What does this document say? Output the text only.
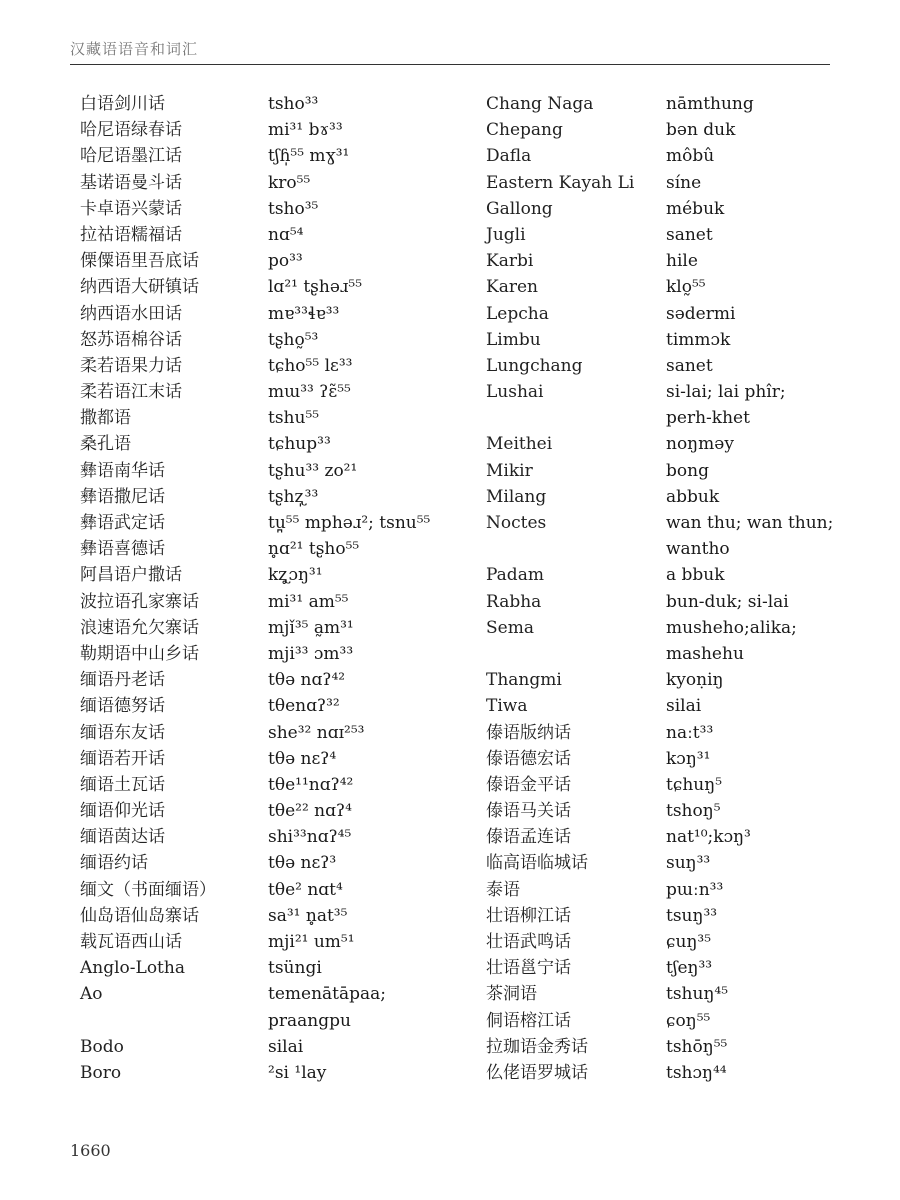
汉藏语语音和词汇
白语剑川话
哈尼语绿春话
哈尼语墨江话
基诺语曼斗话
卡卓语兴蒙话
拉祜语糯福话
傈僳语里吾底话
纳西语大研镇话
纳西语水田话
怒苏语棉谷话
柔若语果力话
柔若语江末话
撒都语
桑孔语
彝语南华话
彝语撒尼话
彝语武定话
彝语喜德话
阿昌语户撒话
波拉语孔家寨话
浪速语允欠寨话
勒期语中山乡话
缅语丹老话
缅语德努话
缅语东友话
缅语若开话
缅语土瓦话
缅语仰光话
缅语茵达话
缅语约话
缅文（书面缅语）
仙岛语仙岛寨话
载瓦语西山话
Anglo-Lotha
Ao
Bodo
Boro
tsho³³
mi³¹ bɤ³³
tʃɦ̩⁵⁵ mɣ³¹
kro⁵⁵
tsho³⁵
nɑ⁵⁴
po³³
lɑ²¹ tʂhəɹ⁵⁵
mɐ³³ɬɐ³³
tʂho̰⁵³
tɕho⁵⁵ lɛ³³
mɯ³³ ʔɛ̃⁵⁵
tshu⁵⁵
tɕhup³³
tʂhu³³ zo²¹
tʂhʐ̩³³
tu̪⁵⁵ mphəɹ²; tsnu⁵⁵
n̥ɑ²¹ tʂho⁵⁵
kʐ̥ɔŋ³¹
mi³¹ am⁵⁵
mjǐ³⁵ a̰m³¹
mji³³ ɔm³³
tθə nɑʔ⁴²
tθenɑʔ³²
she³² nɑɪ²⁵³
tθə nɛʔ⁴
tθe¹¹nɑʔ⁴²
tθe²² nɑʔ⁴
shi³³nɑʔ⁴⁵
tθə nɛʔ³
tθe² nɑt⁴
sa³¹ n̥at³⁵
mji²¹ um⁵¹
tsüngi
temenātāpaa;
praangpu
silai
²si ¹lay
Chang Naga
Chepang
Dafla
Eastern Kayah Li
Gallong
Jugli
Karbi
Karen
Lepcha
Limbu
Lungchang
Lushai
Meithei
Mikir
Milang
Noctes
Padam
Rabha
Sema
Thangmi
Tiwa
傣语版纳话
傣语德宏话
傣语金平话
傣语马关话
傣语孟连话
临高语临城话
泰语
壮语柳江话
壮语武鸣话
壮语邕宁话
茶洞语
侗语榕江话
拉珈语金秀话
仫佬语罗城话
nāmthung
bən duk
môbû
síne
mébuk
sanet
hile
klo̰⁵⁵
sədermi
timmɔk
sanet
si-lai; lai phîr;
perh-khet
noŋməy
bong
abbuk
wan thu; wan thun;
wantho
a bbuk
bun-duk; si-lai
musheho;alika;
mashehu
kyoṇiŋ
silai
naːt³³
kɔŋ³¹
tɕhuŋ⁵
tshoŋ⁵
nat¹⁰;kɔŋ³
suŋ³³
pɯːn³³
tsuŋ³³
ɕuŋ³⁵
tʃeŋ³³
tshuŋ⁴⁵
ɕoŋ⁵⁵
tshōŋ⁵⁵
tshɔŋ⁴⁴
1660
